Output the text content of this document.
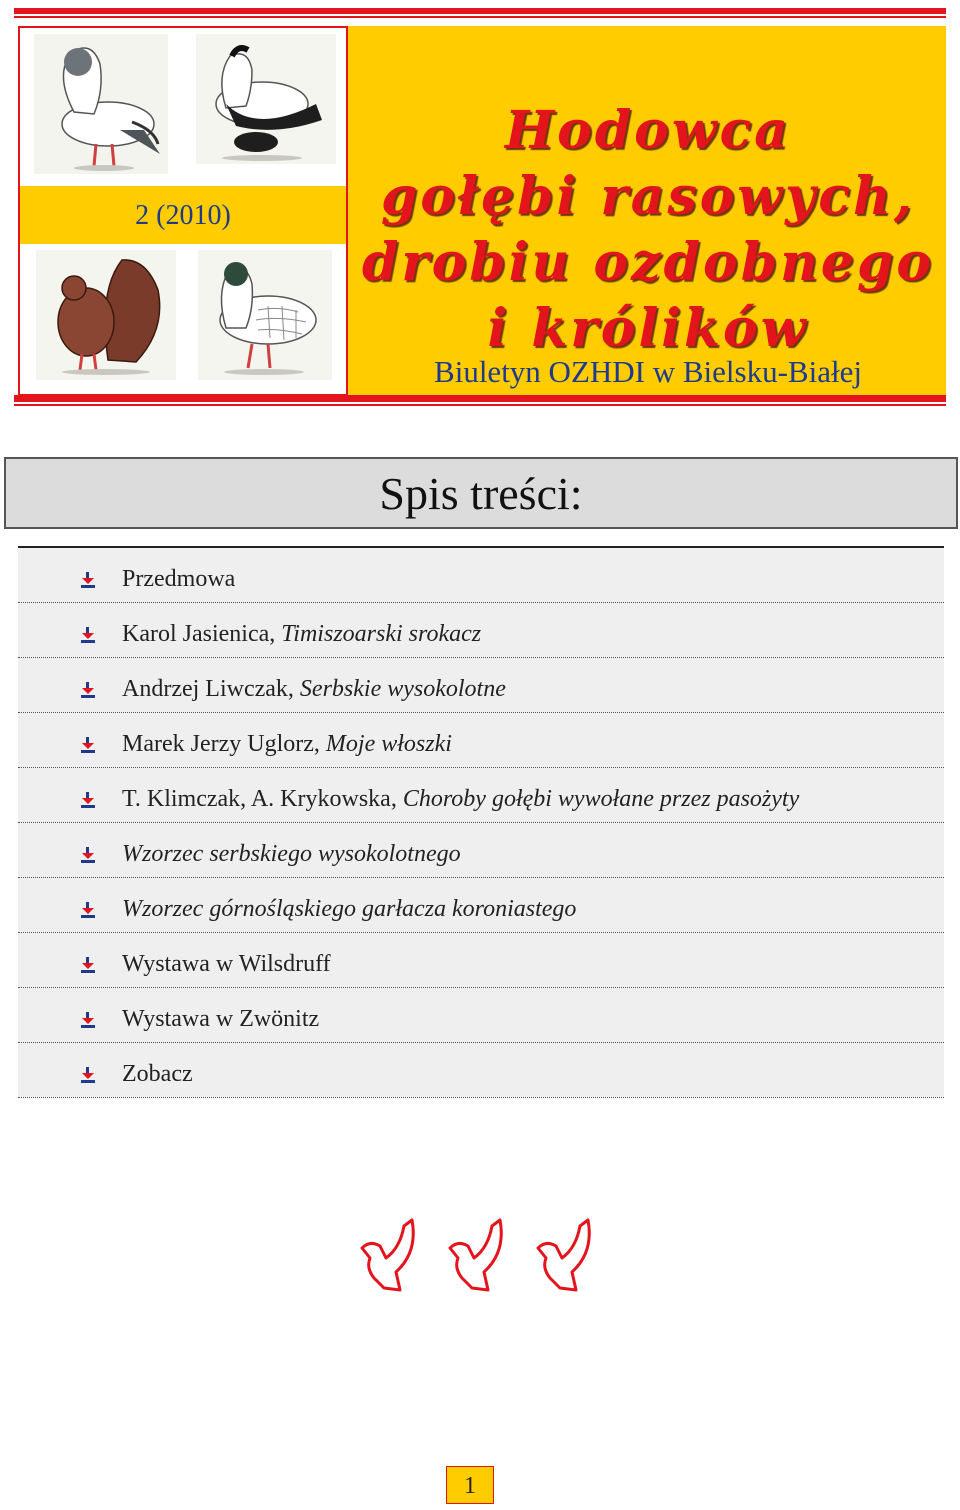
2 (2010)
Hodowca
gołębi rasowych,
drobiu ozdobnego
i królików
Biuletyn OZHDI w Bielsku-Białej
Spis treści:
Przedmowa
Karol Jasienica, Timiszoarski srokacz
Andrzej Liwczak, Serbskie wysokolotne
Marek Jerzy Uglorz, Moje włoszki
T. Klimczak, A. Krykowska, Choroby gołębi wywołane przez pasożyty
Wzorzec serbskiego wysokolotnego
Wzorzec górnośląskiego garłacza koroniastego
Wystawa w Wilsdruff
Wystawa w Zwönitz
Zobacz
1
